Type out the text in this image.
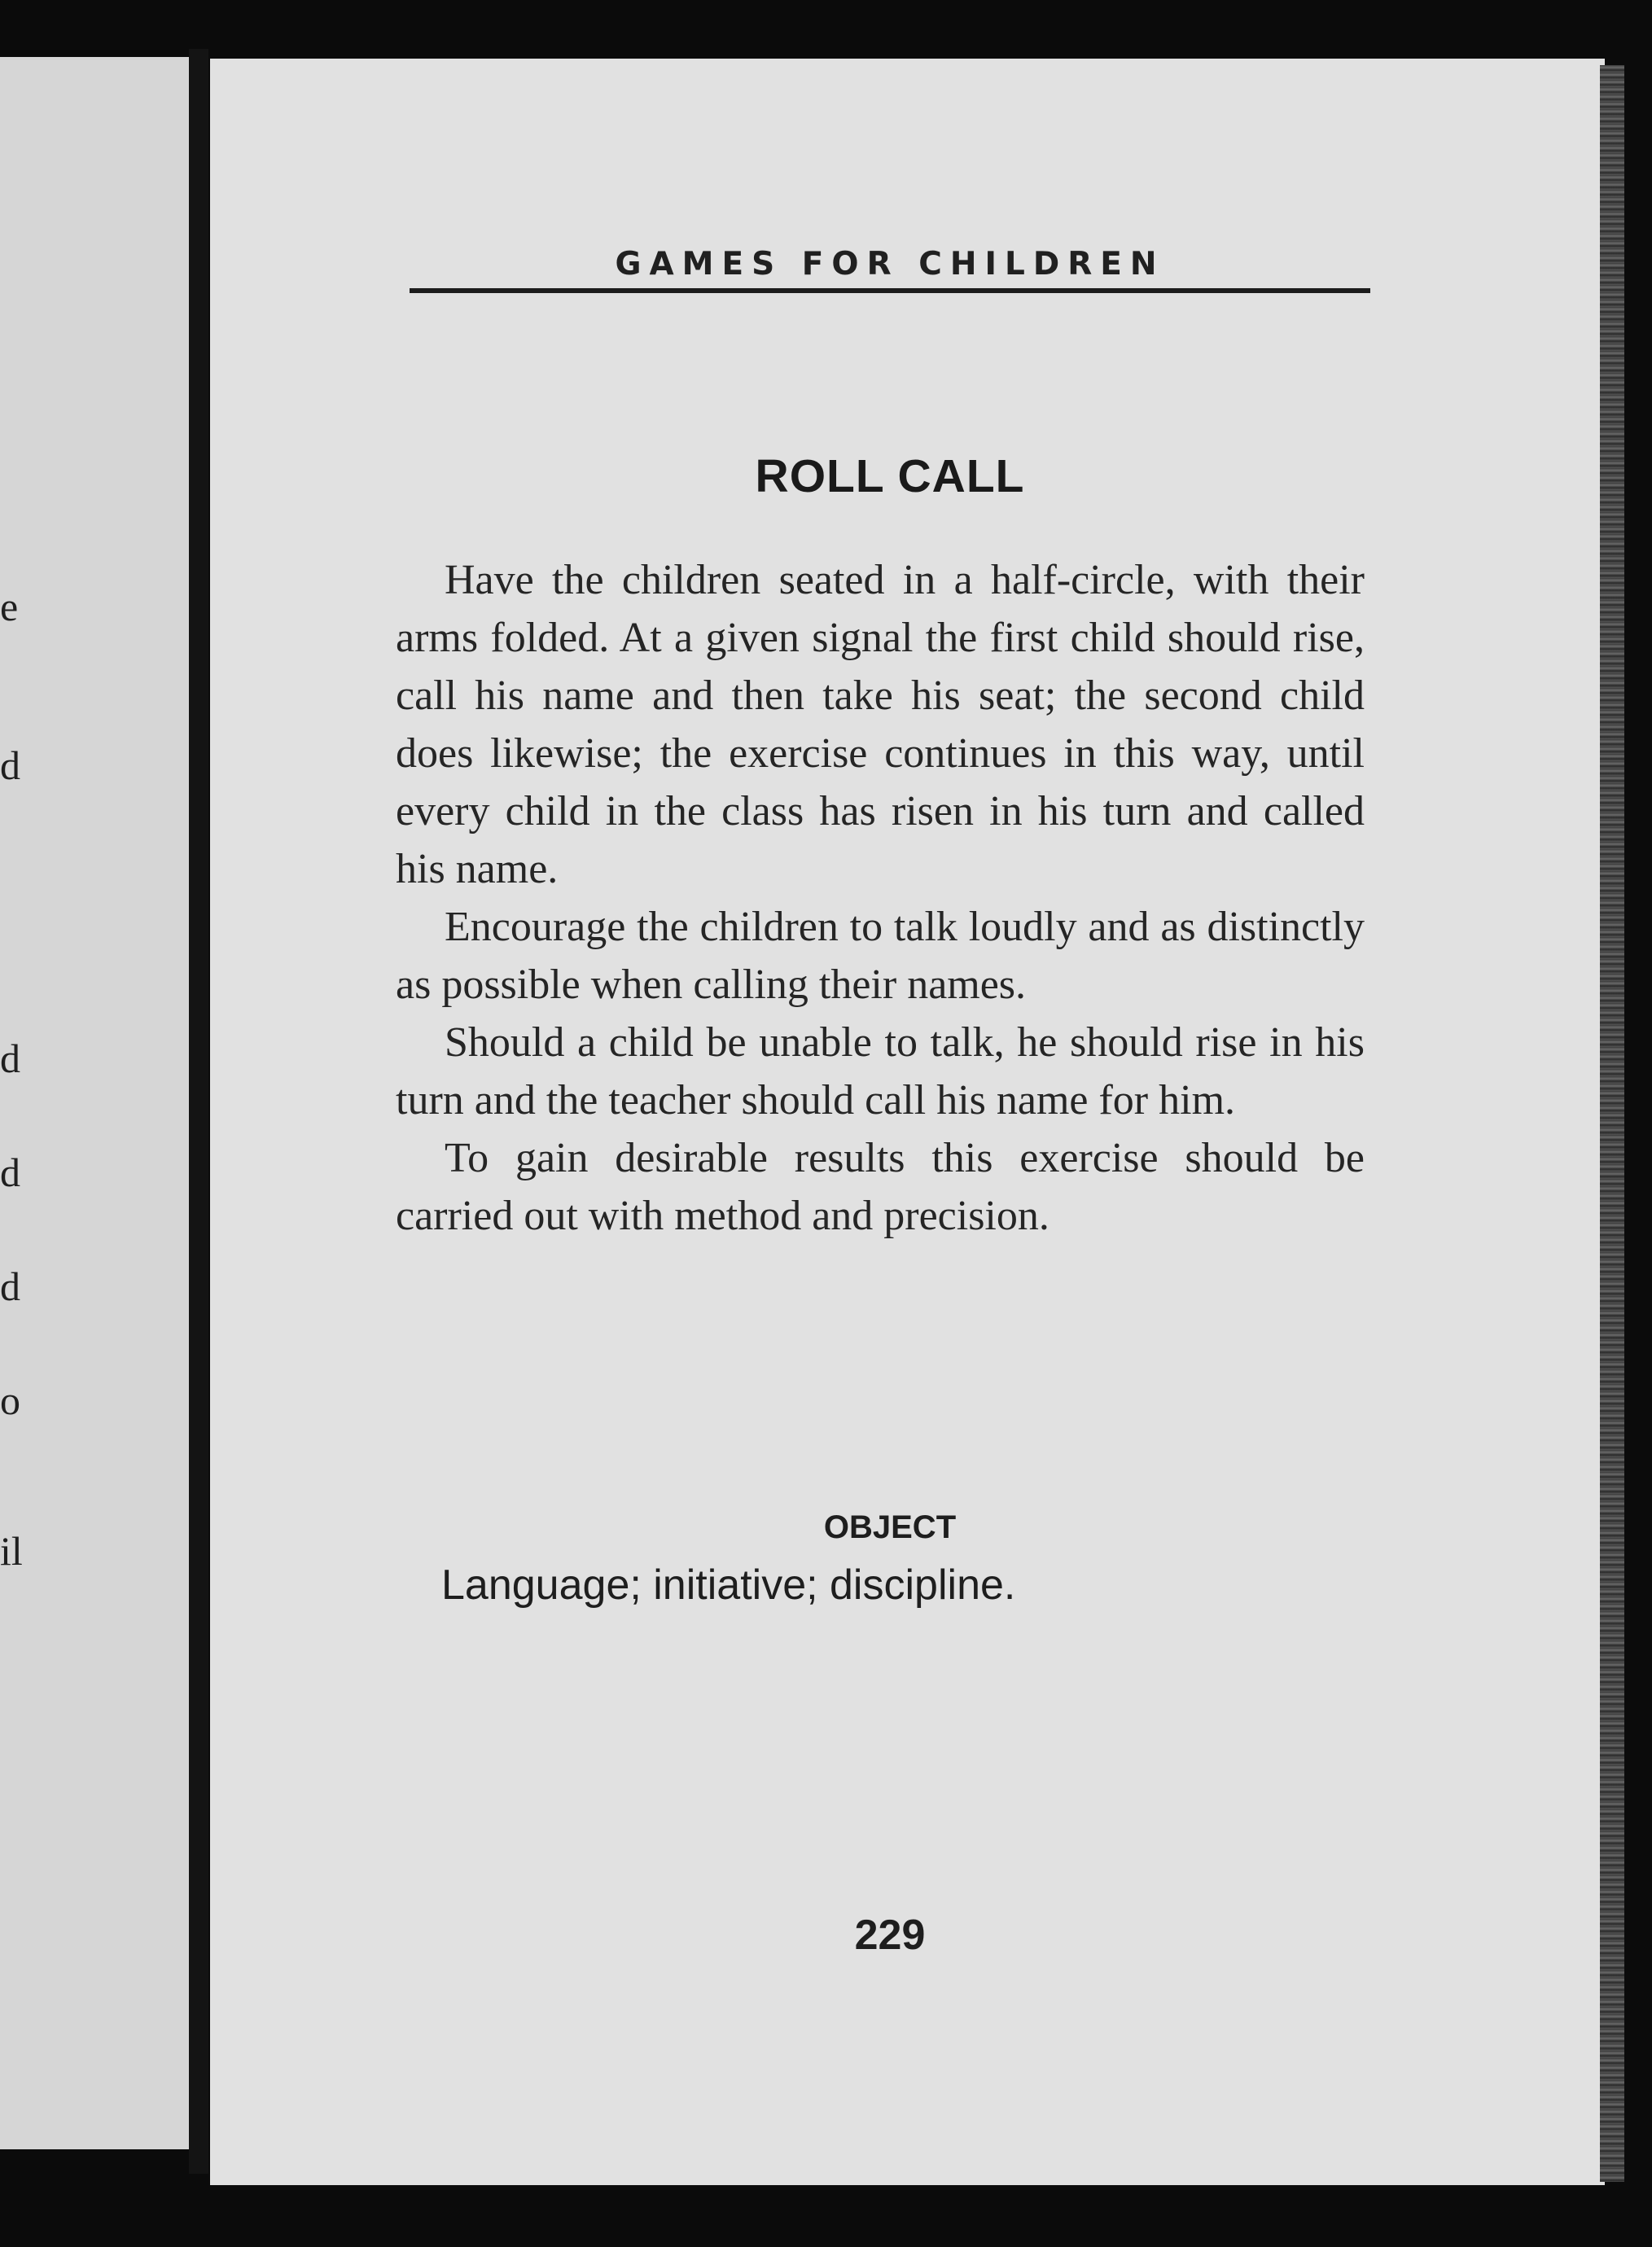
e
d
d
d
d
o
il
GAMES FOR CHILDREN
ROLL CALL

Have the children seated in a half-circle, with their arms folded. At a given signal the first child should rise, call his name and then take his seat; the second child does likewise; the exercise continues in this way, until every child in the class has risen in his turn and called his name.

Encourage the children to talk loudly and as distinctly as possible when calling their names.

Should a child be unable to talk, he should rise in his turn and the teacher should call his name for him.

To gain desirable results this exercise should be carried out with method and precision.

OBJECT
Language; initiative; discipline.
229
